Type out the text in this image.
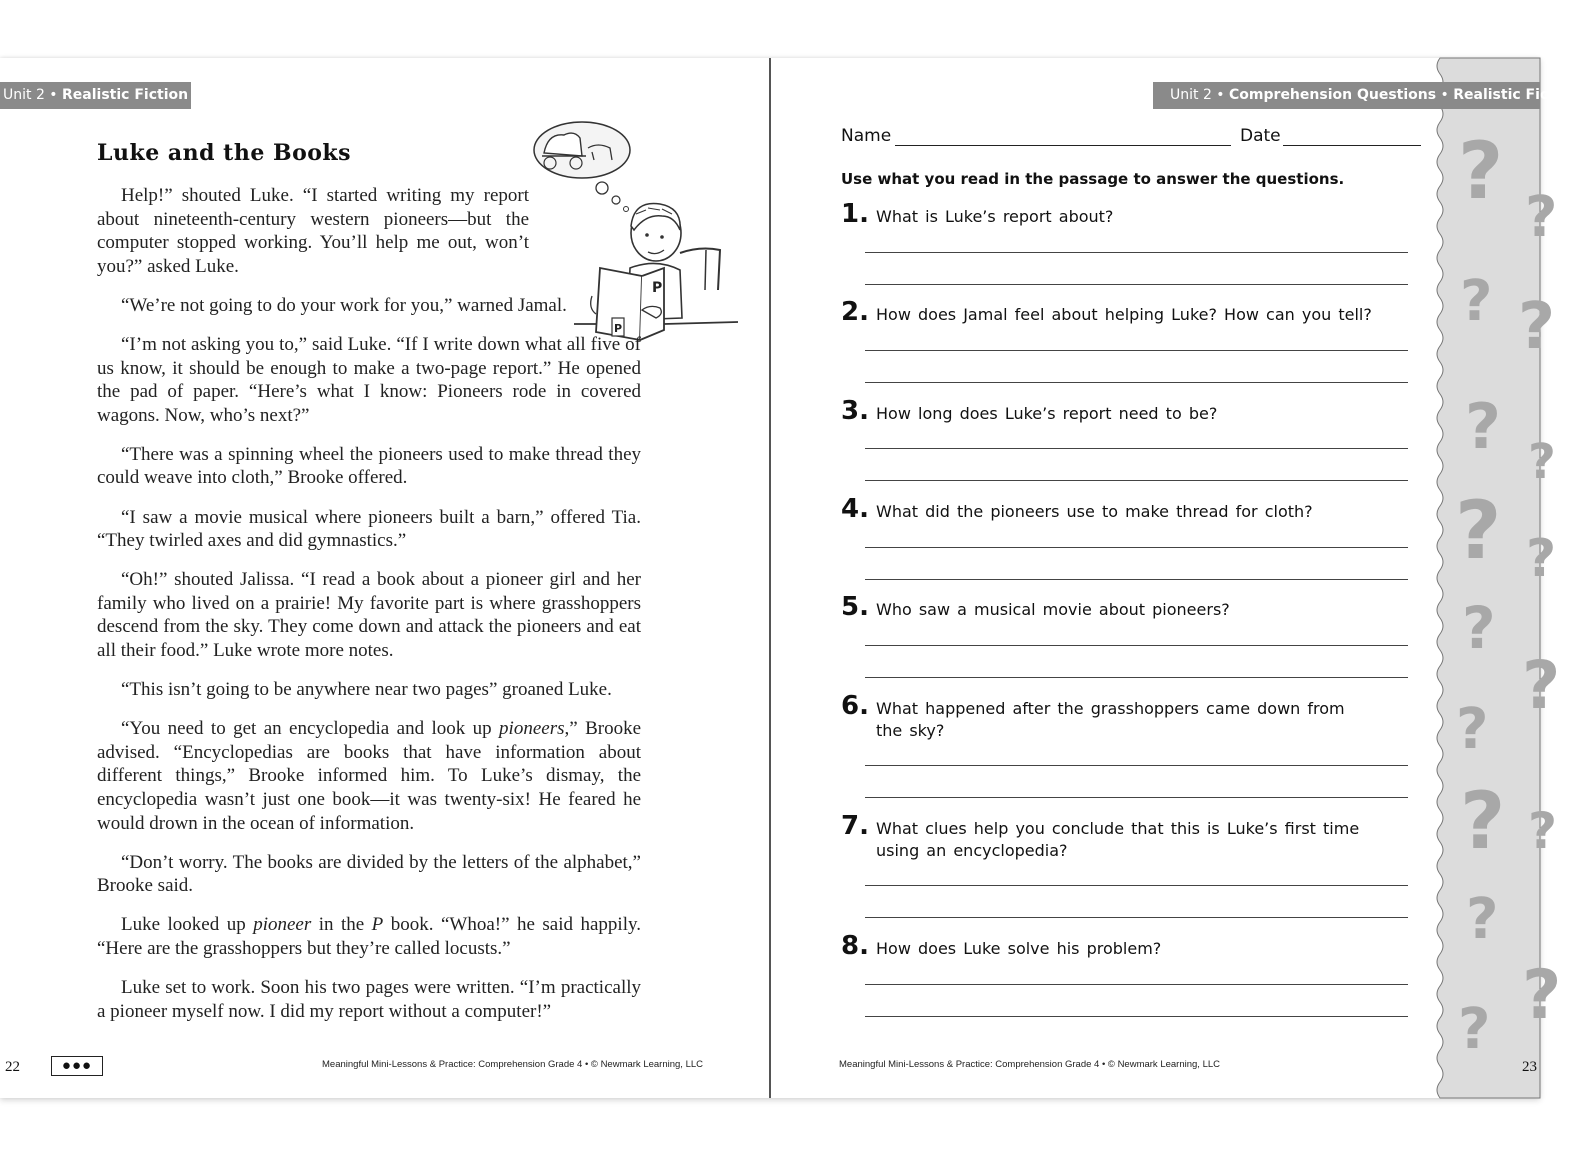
Unit 2 • Realistic Fiction I
Luke and the Books
P
P

Help!” shouted Luke. “I started writing my report about nineteenth-century western pioneers—but the computer stopped working. You’ll help me out, won’t you?” asked Luke.

“We’re not going to do your work for you,” warned Jamal.

“I’m not asking you to,” said Luke. “If I write down what all five of us know, it should be enough to make a two-page report.” He opened the pad of paper. “Here’s what I know: Pioneers rode in covered wagons. Now, who’s next?”

“There was a spinning wheel the pioneers used to make thread they could weave into cloth,” Brooke offered.

“I saw a movie musical where pioneers built a barn,” offered Tia. “They twirled axes and did gymnastics.”

“Oh!” shouted Jalissa. “I read a book about a pioneer girl and her family who lived on a prairie! My favorite part is where grasshoppers descend from the sky. They come down and attack the pioneers and eat all their food.” Luke wrote more notes.

“This isn’t going to be anywhere near two pages” groaned Luke.

“You need to get an encyclopedia and look up pioneers,” Brooke advised. “Encyclopedias are books that have information about different things,” Brooke informed him. To Luke’s dismay, the encyclopedia wasn’t just one book—it was twenty-six! He feared he would drown in the ocean of information.

“Don’t worry. The books are divided by the letters of the alphabet,” Brooke said.

Luke looked up pioneer in the P book. “Whoa!” he said happily. “Here are the grasshoppers but they’re called locusts.”

Luke set to work. Soon his two pages were written. “I’m practically a pioneer myself now. I did my report without a computer!”

22	●●●	Meaningful Mini-Lessons & Practice: Comprehension Grade 4 • © Newmark Learning, LLC
?
?
? ?
? ?
? ?
?
?
?
? ?
?
?
?
Unit 2 • Comprehension Questions • Realistic Fiction I
Name	Date
Use what you read in the passage to answer the questions.
1. What is Luke’s report about?
2. How does Jamal feel about helping Luke? How can you tell?
3. How long does Luke’s report need to be?
4. What did the pioneers use to make thread for cloth?
5. Who saw a musical movie about pioneers?
6. What happened after the grasshoppers came down from the sky?
7. What clues help you conclude that this is Luke’s first time using an encyclopedia?
8. How does Luke solve his problem?
Meaningful Mini-Lessons & Practice: Comprehension Grade 4 • © Newmark Learning, LLC	23
